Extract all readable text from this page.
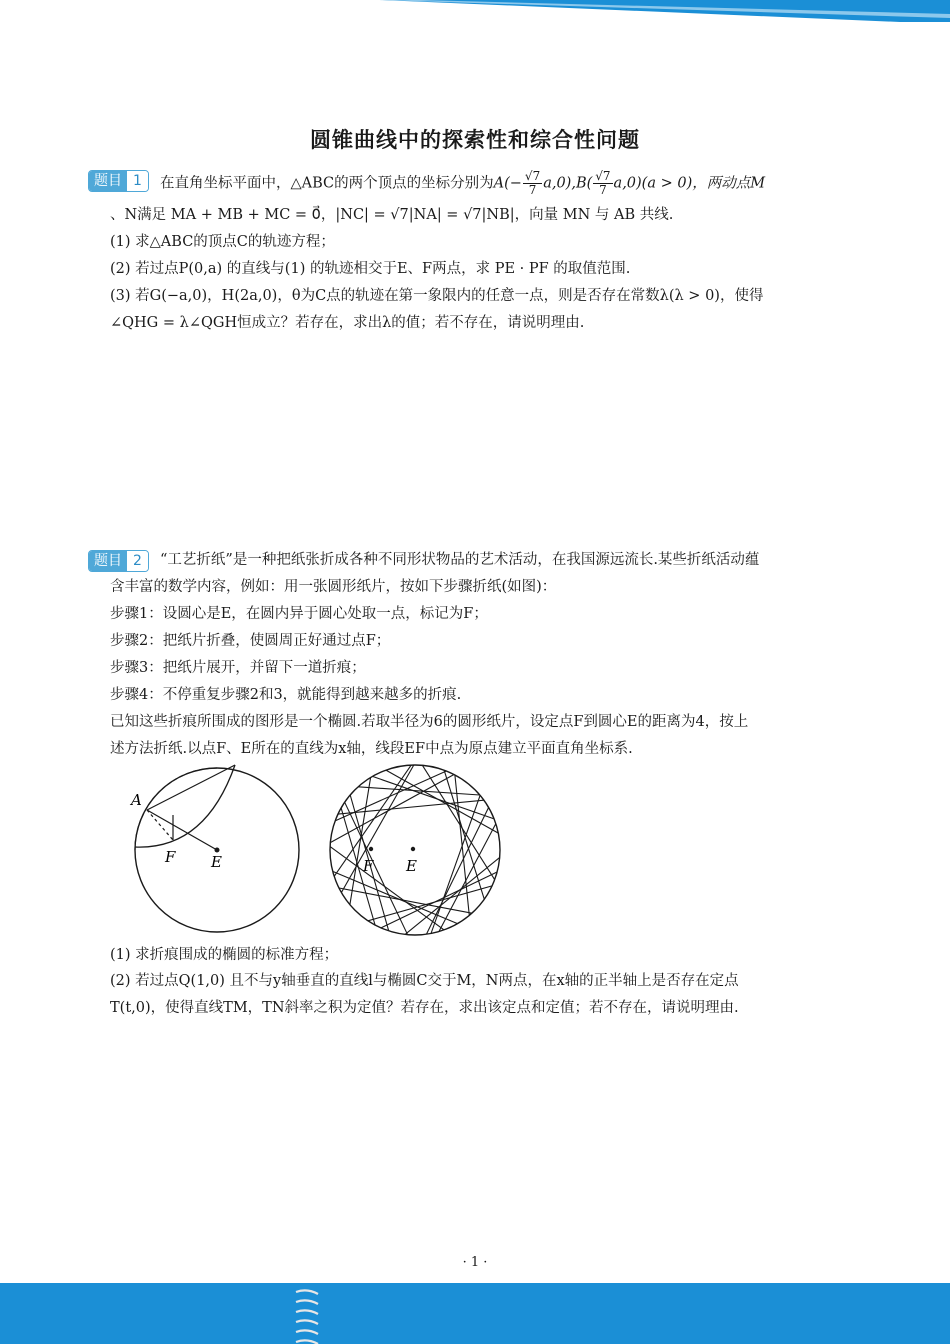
圆锥曲线中的探索性和综合性问题
题目 1	在直角坐标平面中，△ABC的两个顶点的坐标分别为$A(- \frac{√7}{7} a,0),B( \frac{√7}{7} a,0)(a > 0)$，两动点M
、N满足 MA + MB + MC = 0⃗，|NC| = √7|NA| = √7|NB|，向量 MN 与 AB 共线.
(1) 求△ABC的顶点C的轨迹方程；
(2) 若过点P(0,a) 的直线与(1) 的轨迹相交于E、F两点，求 PE · PF 的取值范围.
(3) 若G(−a,0)，H(2a,0)，θ为C点的轨迹在第一象限内的任意一点，则是否存在常数λ(λ > 0)，使得
∠QHG = λ∠QGH恒成立？若存在，求出λ的值；若不存在，请说明理由.
题目 2	“工艺折纸”是一种把纸张折成各种不同形状物品的艺术活动，在我国源远流长.某些折纸活动蕴
含丰富的数学内容，例如：用一张圆形纸片，按如下步骤折纸(如图)：
步骤1：设圆心是E，在圆内异于圆心处取一点，标记为F；
步骤2：把纸片折叠，使圆周正好通过点F；
步骤3：把纸片展开，并留下一道折痕；
步骤4：不停重复步骤2和3，就能得到越来越多的折痕.
已知这些折痕所围成的图形是一个椭圆.若取半径为6的圆形纸片，设定点F到圆心E的距离为4，按上
述方法折纸.以点F、E所在的直线为x轴，线段EF中点为原点建立平面直角坐标系.
A
F E	F E
(1) 求折痕围成的椭圆的标准方程；
(2) 若过点Q(1,0) 且不与y轴垂直的直线l与椭圆C交于M，N两点，在x轴的正半轴上是否存在定点
T(t,0)，使得直线TM，TN斜率之积为定值？若存在，求出该定点和定值；若不存在，请说明理由.
· 1 ·
